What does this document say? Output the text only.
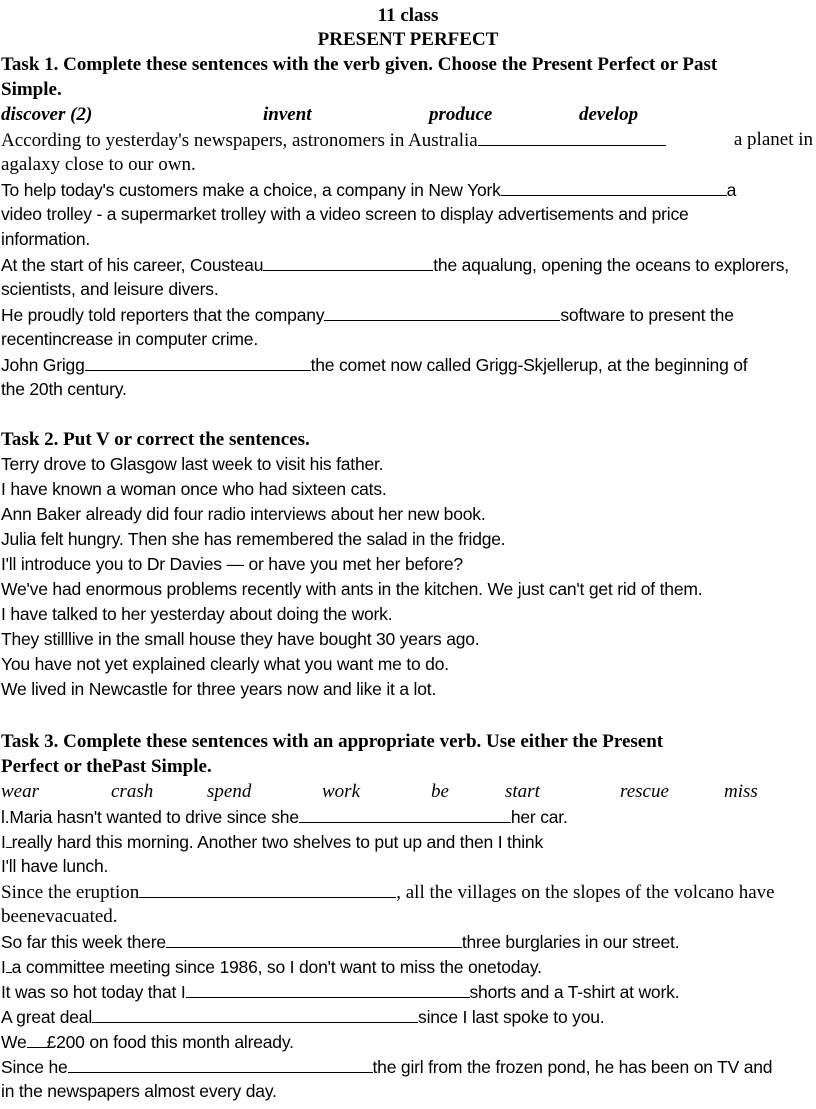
11 class
PRESENT PERFECT
Task 1. Complete these sentences with the verb given. Choose the Present Perfect or Past
Simple.
discover (2)	invent	produce	develop
According to yesterday's newspapers, astronomers in Australia	a planet in
agalaxy close to our own.
To help today's customers make a choice, a company in New York	a
video trolley - a supermarket trolley with a video screen to display advertisements and price
information.
At the start of his career, Cousteau	the aqualung, opening the oceans to explorers,
scientists, and leisure divers.
He proudly told reporters that the company	software to present the
recentincrease in computer crime.
John Grigg	the comet now called Grigg-Skjellerup, at the beginning of
the 20th century.
Task 2. Put V or correct the sentences.
Terry drove to Glasgow last week to visit his father.
I have known a woman once who had sixteen cats.
Ann Baker already did four radio interviews about her new book.
Julia felt hungry. Then she has remembered the salad in the fridge.
I'll introduce you to Dr Davies — or have you met her before?
We've had enormous problems recently with ants in the kitchen. We just can't get rid of them.
I have talked to her yesterday about doing the work.
They stilllive in the small house they have bought 30 years ago.
You have not yet explained clearly what you want me to do.
We lived in Newcastle for three years now and like it a lot.
Task 3. Complete these sentences with an appropriate verb. Use either the Present
Perfect or thePast Simple.
wear	crash	spend	work	be	start	rescue	miss
l.Maria hasn't wanted to drive since she	her car.
I really hard this morning. Another two shelves to put up and then I think
I'll have lunch.
Since the eruption	, all the villages on the slopes of the volcano have
beenevacuated.
So far this week there	three burglaries in our street.
I a committee meeting since 1986, so I don't want to miss the onetoday.
It was so hot today that I	shorts and a T-shirt at work.
A great deal	since I last spoke to you.
We £200 on food this month already.
Since he	the girl from the frozen pond, he has been on TV and
in the newspapers almost every day.
